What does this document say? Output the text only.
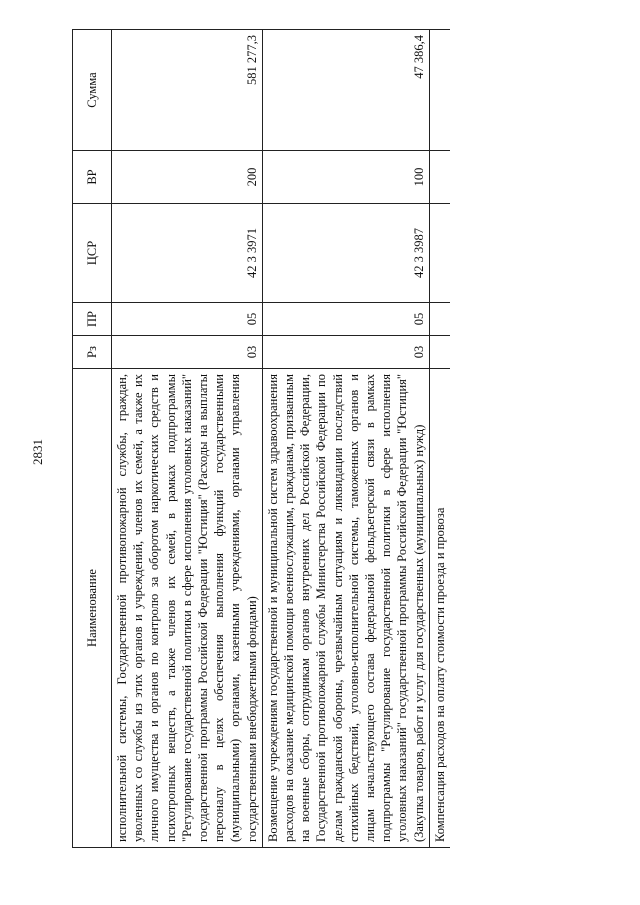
2831
Наименование	Рз	ПР	ЦСР	ВР	Сумма

исполнительной системы, Государственной противопожарной службы, граждан, уволенных со службы из этих органов и учреждений, членов их семей, а также их личного имущества и органов по контролю за оборотом наркотических средств и психотропных веществ, а также членов их семей, в рамках подпрограммы "Регулирование государственной политики в сфере исполнения уголовных наказаний" государственной программы Российской Федерации "Юстиция" (Расходы на выплаты персоналу в целях обеспечения выполнения функций государственными (муниципальными) органами, казенными учреждениями, органами управления государственными внебюджетными фондами)	03	05	42 3 3971	200	581 277,3

Возмещение учреждениям государственной и муниципальной систем здравоохранения расходов на оказание медицинской помощи военнослужащим, гражданам, призванным на военные сборы, сотрудникам органов внутренних дел Российской Федерации, Государственной противопожарной службы Министерства Российской Федерации по делам гражданской обороны, чрезвычайным ситуациям и ликвидации последствий стихийных бедствий, уголовно-исполнительной системы, таможенных органов и лицам начальствующего состава федеральной фельдъегерской связи в рамках подпрограммы "Регулирование государственной политики в сфере исполнения уголовных наказаний" государственной программы Российской Федерации "Юстиция" (Закупка товаров, работ и услуг для государственных (муниципальных) нужд)	03	05	42 3 3987	100	47 386,4

Компенсация расходов на оплату стоимости проезда и провоза					
